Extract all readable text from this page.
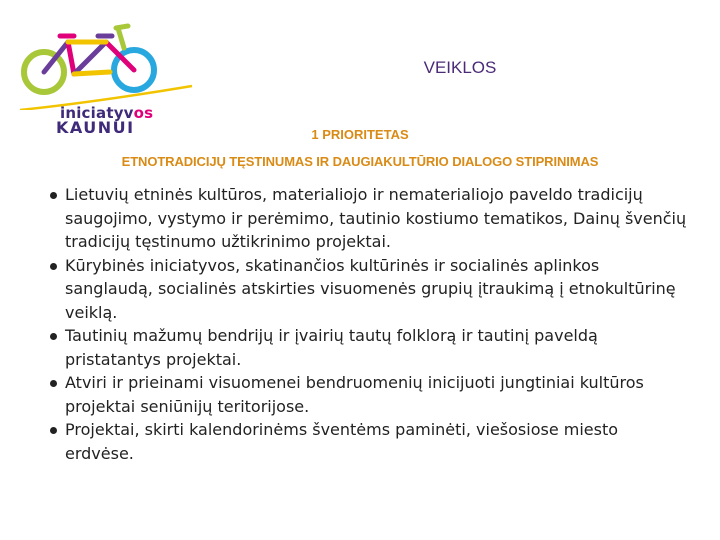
iniciatyvos
KAUNUI
VEIKLOS
1 PRIORITETAS
ETNOTRADICIJŲ TĘSTINUMAS IR DAUGIAKULTŪRIO DIALOGO STIPRINIMAS
Lietuvių etninės kultūros, materialiojo ir nematerialiojo paveldo tradicijų saugojimo, vystymo ir perėmimo, tautinio kostiumo tematikos, Dainų švenčių tradicijų tęstinumo užtikrinimo projektai.
Kūrybinės iniciatyvos, skatinančios kultūrinės ir socialinės aplinkos sanglaudą, socialinės atskirties visuomenės grupių įtraukimą į etnokultūrinę veiklą.
Tautinių mažumų bendrijų ir įvairių tautų folklorą ir tautinį paveldą pristatantys projektai.
Atviri ir prieinami visuomenei bendruomenių inicijuoti jungtiniai kultūros projektai seniūnijų teritorijose.
Projektai, skirti kalendorinėms šventėms paminėti, viešosiose miesto erdvėse.
